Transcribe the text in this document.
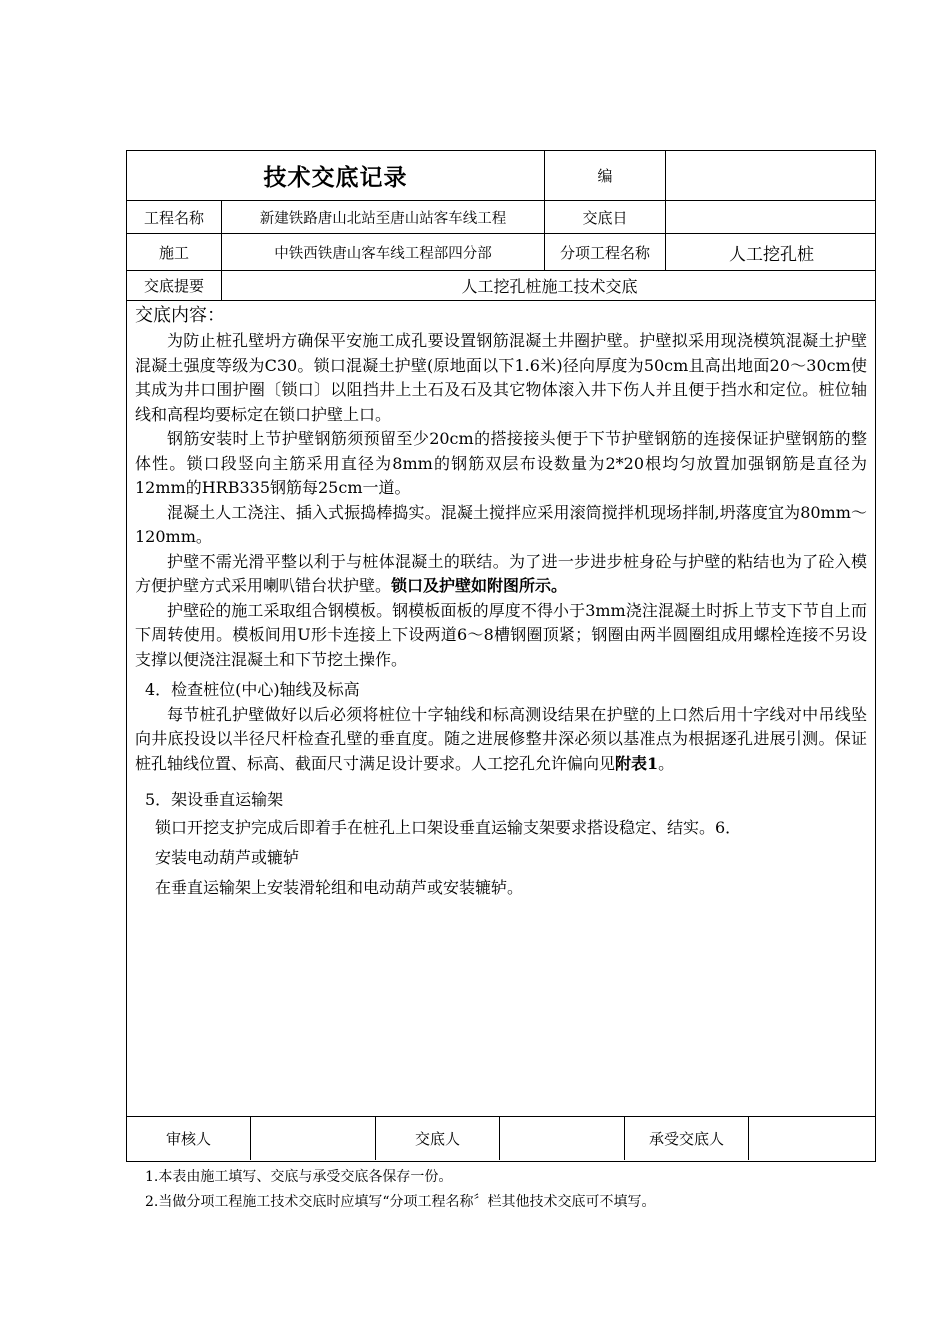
技术交底记录	编
工程名称	新建铁路唐山北站至唐山站客车线工程	交底日
施工	中铁西铁唐山客车线工程部四分部	分项工程名称	人工挖孔桩
交底提要	人工挖孔桩施工技术交底
交底内容：

为防止桩孔壁坍方确保平安施工成孔要设置钢筋混凝土井圈护壁。护壁拟采用现浇模筑混凝土护壁混凝土强度等级为C30。锁口混凝土护壁(原地面以下1.6米)径向厚度为50cm且高出地面20～30cm使其成为井口围护圈〔锁口〕以阻挡井上土石及石及其它物体滚入井下伤人并且便于挡水和定位。桩位轴线和高程均要标定在锁口护壁上口。

钢筋安装时上节护壁钢筋须预留至少20cm的搭接接头便于下节护壁钢筋的连接保证护壁钢筋的整体性。锁口段竖向主筋采用直径为8mm的钢筋双层布设数量为2*20根均匀放置加强钢筋是直径为12mm的HRB335钢筋每25cm一道。

混凝土人工浇注、插入式振捣棒捣实。混凝土搅拌应采用滚筒搅拌机现场拌制,坍落度宜为80mm～120mm。

护壁不需光滑平整以利于与桩体混凝土的联结。为了进一步进步桩身砼与护壁的粘结也为了砼入模方便护壁方式采用喇叭错台状护壁。锁口及护壁如附图所示。

护壁砼的施工采取组合钢模板。钢模板面板的厚度不得小于3mm浇注混凝土时拆上节支下节自上而下周转使用。模板间用U形卡连接上下设两道6～8槽钢圈顶紧；钢圈由两半圆圈组成用螺栓连接不另设支撑以便浇注混凝土和下节挖土操作。

4．检查桩位(中心)轴线及标高

每节桩孔护壁做好以后必须将桩位十字轴线和标高测设结果在护壁的上口然后用十字线对中吊线坠向井底投设以半径尺杆检查孔壁的垂直度。随之进展修整井深必须以基准点为根据逐孔进展引测。保证桩孔轴线位置、标高、截面尺寸满足设计要求。人工挖孔允许偏向见附表1。

5．架设垂直运输架

锁口开挖支护完成后即着手在桩孔上口架设垂直运输支架要求搭设稳定、结实。6．

安装电动葫芦或辘轳

在垂直运输架上安装滑轮组和电动葫芦或安装辘轳。

审核人	交底人	承受交底人
1.本表由施工填写、交底与承受交底各保存一份。
2.当做分项工程施工技术交底时应填写“分项工程名称〞栏其他技术交底可不填写。
